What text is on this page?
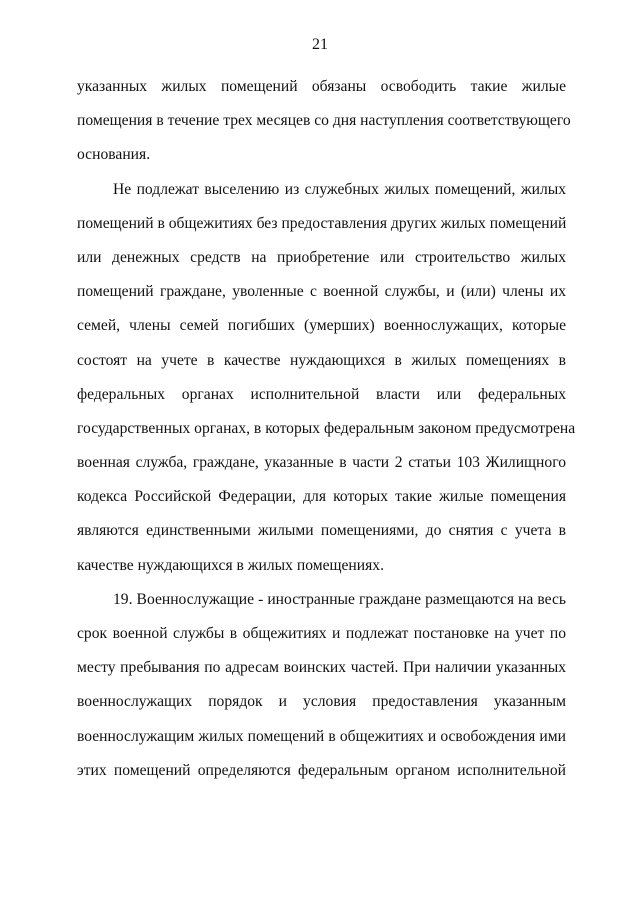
21
указанных жилых помещений обязаны освободить такие жилые
помещения в течение трех месяцев со дня наступления соответствующего
основания.
Не подлежат выселению из служебных жилых помещений, жилых
помещений в общежитиях без предоставления других жилых помещений
или денежных средств на приобретение или строительство жилых
помещений граждане, уволенные с военной службы, и (или) члены их
семей, члены семей погибших (умерших) военнослужащих, которые
состоят на учете в качестве нуждающихся в жилых помещениях в
федеральных органах исполнительной власти или федеральных
государственных органах, в которых федеральным законом предусмотрена
военная служба, граждане, указанные в части 2 статьи 103 Жилищного
кодекса Российской Федерации, для которых такие жилые помещения
являются единственными жилыми помещениями, до снятия с учета в
качестве нуждающихся в жилых помещениях.
19. Военнослужащие - иностранные граждане размещаются на весь
срок военной службы в общежитиях и подлежат постановке на учет по
месту пребывания по адресам воинских частей. При наличии указанных
военнослужащих порядок и условия предоставления указанным
военнослужащим жилых помещений в общежитиях и освобождения ими
этих помещений определяются федеральным органом исполнительной
